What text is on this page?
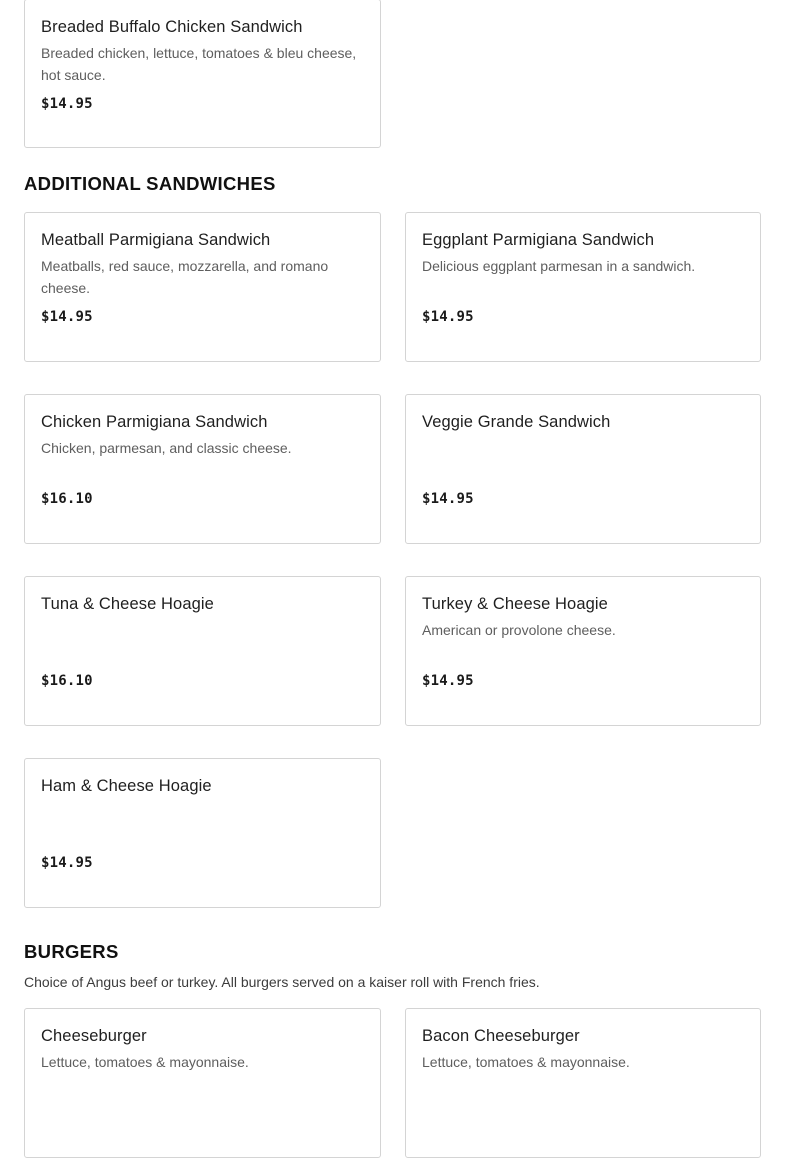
Breaded Buffalo Chicken Sandwich
Breaded chicken, lettuce, tomatoes & bleu cheese, hot sauce.
$14.95
ADDITIONAL SANDWICHES
Meatball Parmigiana Sandwich
Meatballs, red sauce, mozzarella, and romano cheese.
$14.95
Eggplant Parmigiana Sandwich
Delicious eggplant parmesan in a sandwich.
$14.95
Chicken Parmigiana Sandwich
Chicken, parmesan, and classic cheese.
$16.10
Veggie Grande Sandwich
$14.95
Tuna & Cheese Hoagie
$16.10
Turkey & Cheese Hoagie
American or provolone cheese.
$14.95
Ham & Cheese Hoagie
$14.95
BURGERS
Choice of Angus beef or turkey. All burgers served on a kaiser roll with French fries.
Cheeseburger
Lettuce, tomatoes & mayonnaise.
Bacon Cheeseburger
Lettuce, tomatoes & mayonnaise.
